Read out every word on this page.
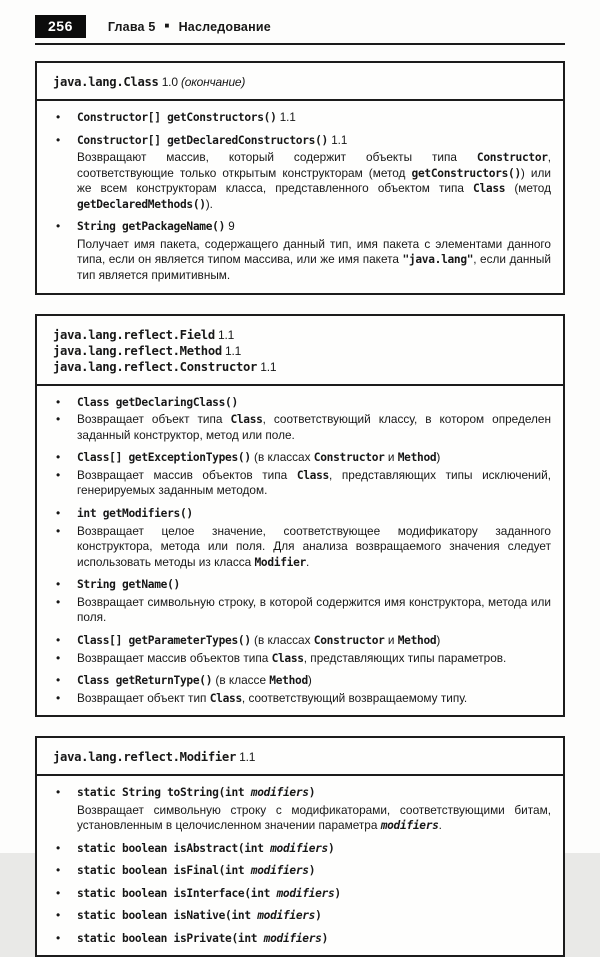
256	Глава 5 ■ Наследование
java.lang.Class 1.0 (окончание)
• Constructor[] getConstructors() 1.1
• Constructor[] getDeclaredConstructors() 1.1
Возвращают массив, который содержит объекты типа Constructor, соответствующие только открытым конструкторам (метод getConstructors()) или же всем конструкторам класса, представленного объектом типа Class (метод getDeclaredMethods()).
• String getPackageName() 9
Получает имя пакета, содержащего данный тип, имя пакета с элементами данного типа, если он является типом массива, или же имя пакета "java.lang", если данный тип является примитивным.
java.lang.reflect.Field 1.1
java.lang.reflect.Method 1.1
java.lang.reflect.Constructor 1.1
• Class getDeclaringClass()
• Возвращает объект типа Class, соответствующий классу, в котором определен заданный конструктор, метод или поле.
• Class[] getExceptionTypes() (в классах Constructor и Method)
• Возвращает массив объектов типа Class, представляющих типы исключений, генерируемых заданным методом.
• int getModifiers()
• Возвращает целое значение, соответствующее модификатору заданного конструктора, метода или поля. Для анализа возвращаемого значения следует использовать методы из класса Modifier.
• String getName()
• Возвращает символьную строку, в которой содержится имя конструктора, метода или поля.
• Class[] getParameterTypes() (в классах Constructor и Method)
• Возвращает массив объектов типа Class, представляющих типы параметров.
• Class getReturnType() (в классе Method)
• Возвращает объект тип Class, соответствующий возвращаемому типу.
java.lang.reflect.Modifier 1.1
• static String toString(int modifiers)
Возвращает символьную строку с модификаторами, соответствующими битам, установленным в целочисленном значении параметра modifiers.
• static boolean isAbstract(int modifiers)
• static boolean isFinal(int modifiers)
• static boolean isInterface(int modifiers)
• static boolean isNative(int modifiers)
• static boolean isPrivate(int modifiers)
